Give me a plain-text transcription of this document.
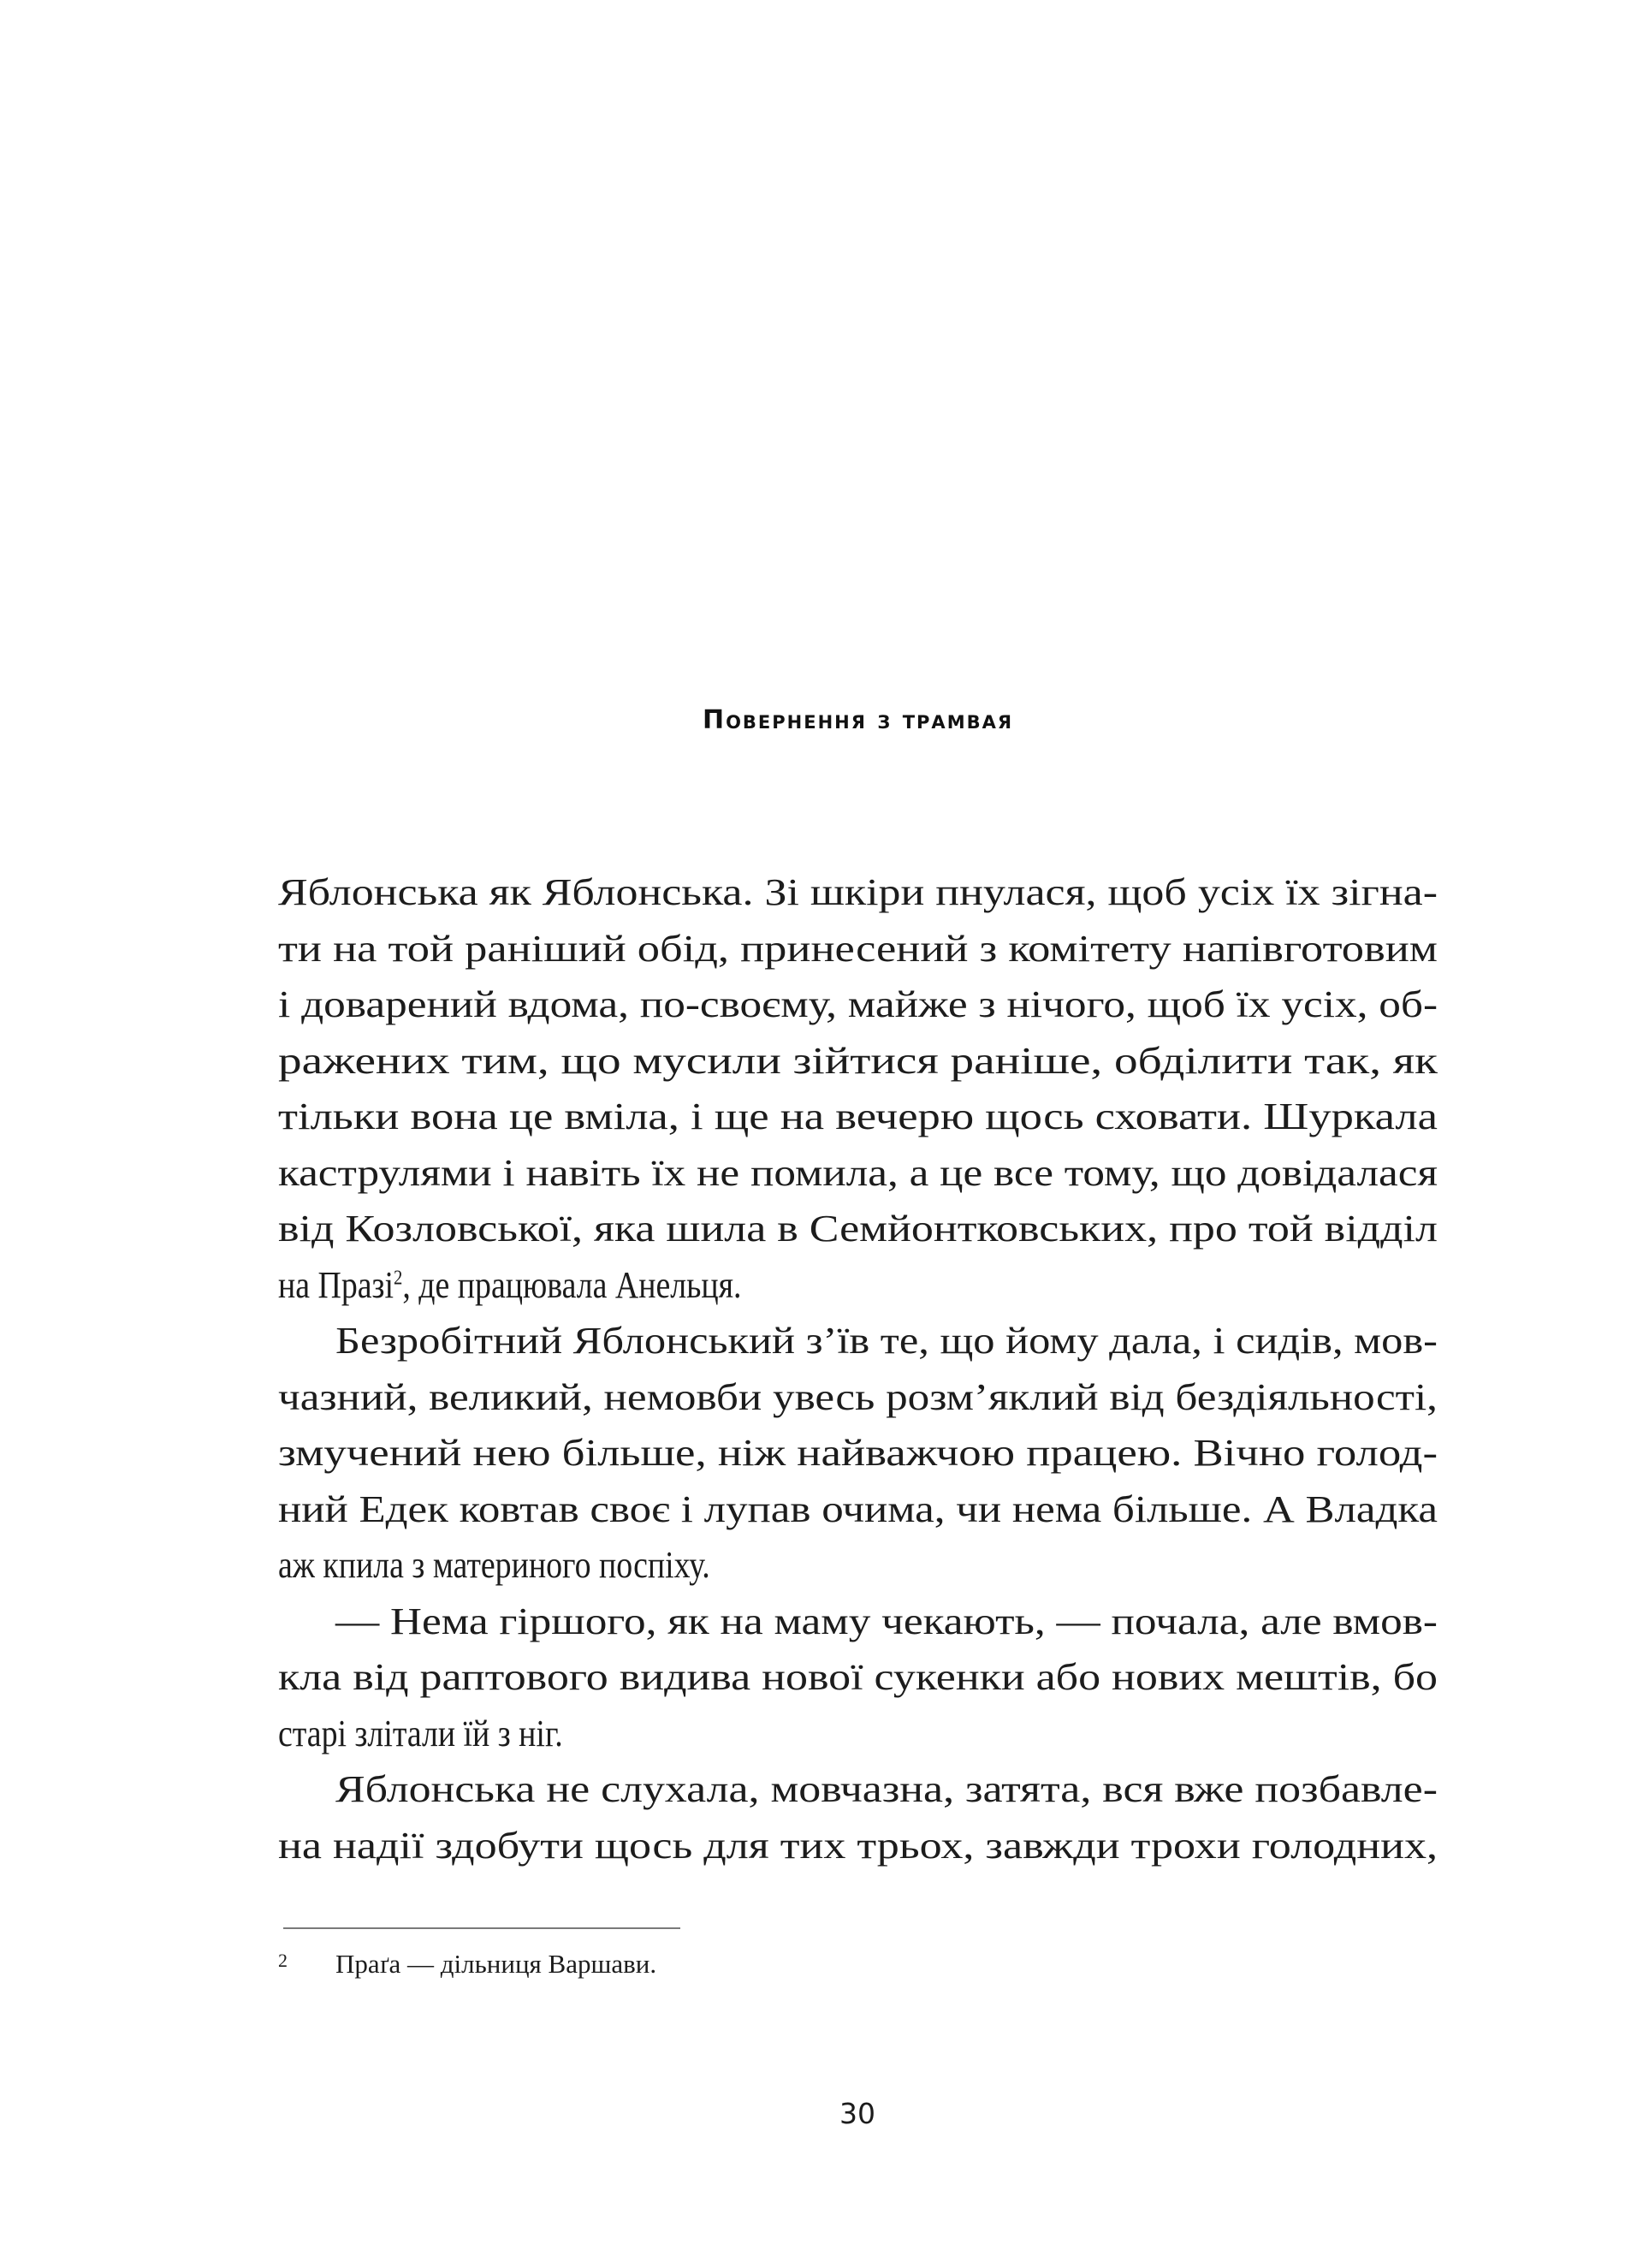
Повернення з трамвая
Яблонська як Яблонська. Зі шкіри пнулася, щоб усіх їх зігна-
ти на той раніший обід, принесений з комітету напівготовим
і доварений вдома, по-своєму, майже з нічого, щоб їх усіх, об-
ражених тим, що мусили зійтися раніше, обділити так, як
тільки вона це вміла, і ще на вечерю щось сховати. Шуркала
каструлями і навіть їх не помила, а це все тому, що довідалася
від Козловської, яка шила в Семйонтковських, про той відділ
на Празі$^2$, де працювала Анельця.
Безробітний Яблонський з’їв те, що йому дала, і сидів, мов-
чазний, великий, немовби увесь розм’яклий від бездіяльності,
змучений нею більше, ніж найважчою працею. Вічно голод-
ний Едек ковтав своє і лупав очима, чи нема більше. А Владка
аж кпила з материного поспіху.
— Нема гіршого, як на маму чекають, — почала, але вмов-
кла від раптового видива нової сукенки або нових мештів, бо
старі злітали їй з ніг.
Яблонська не слухала, мовчазна, затята, вся вже позбавле-
на надії здобути щось для тих трьох, завжди трохи голодних,
2 Праґа — дільниця Варшави.
30
